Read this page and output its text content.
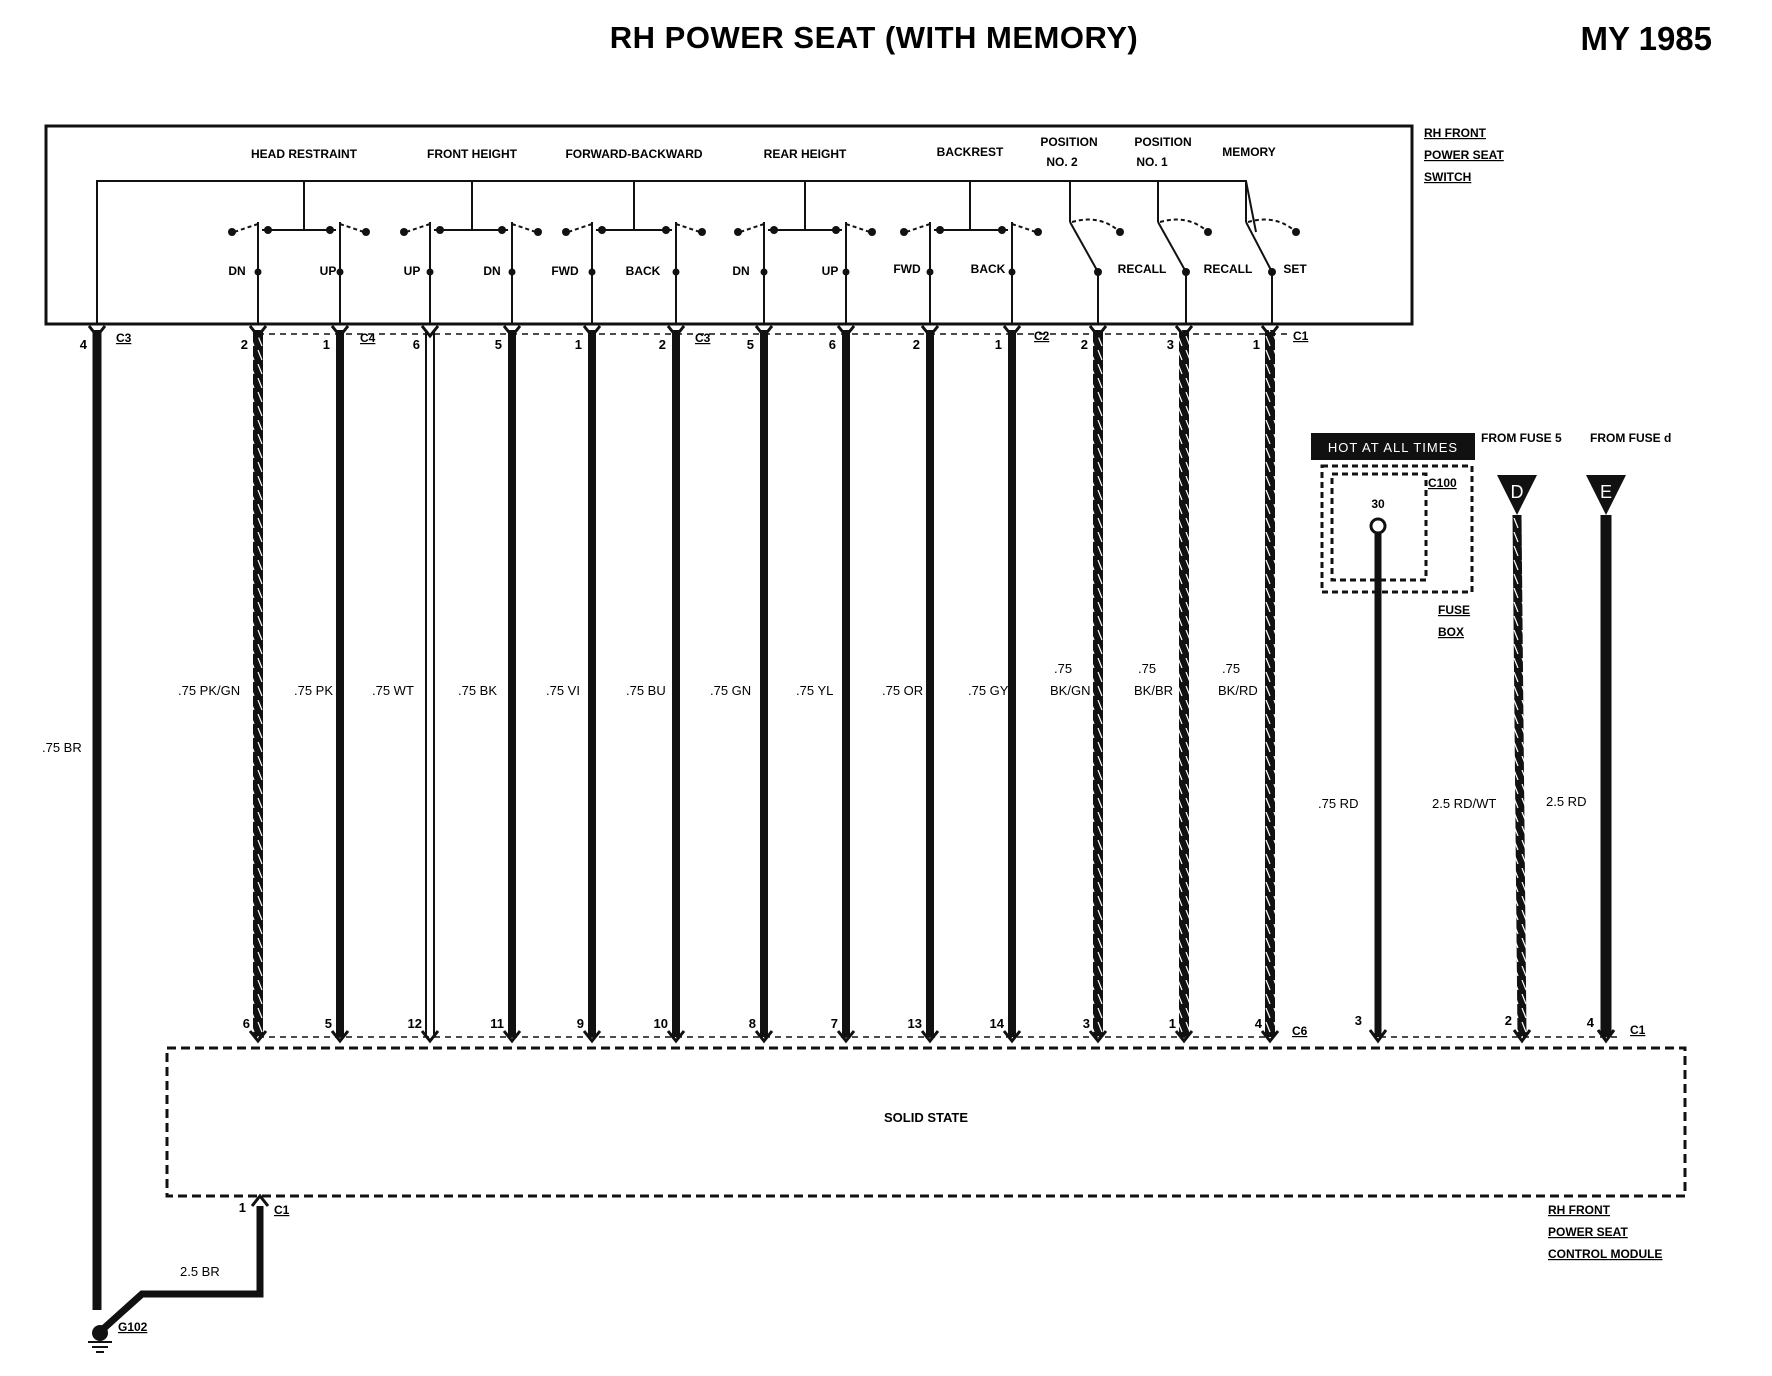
RH POWER SEAT (WITH MEMORY)	MY 1985
RH FRONT
POWER SEAT
SWITCH
HEAD RESTRAINT	FRONT HEIGHT	FORWARD-BACKWARD	REAR HEIGHT	BACKREST
POSITION
NO. 2
POSITION
NO. 1
MEMORY
DN	UP	UP	DN	FWD	BACK	DN	UP	FWD	BACK	RECALL	RECALL	SET
4	2
6
.75 PK/GN
1
5
.75 PK
6
12
.75 WT
5
11
.75 BK
1
9
.75 VI
2
10
.75 BU
5
8
.75 GN
6
7
.75 YL
2
13
.75 OR
1
14
.75 GY
2
3
.75
BK/GN
3
1
.75
BK/BR
1
4
.75
BK/RD
C3	C4	C3	C2	C1
C6	C1
.75 BR
HOT AT ALL TIMES
C100
30
FUSE
BOX
FROM FUSE 5 FROM FUSE d
D	E
.75 RD	2.5 RD/WT	2.5 RD
3	2	4
SOLID STATE
RH FRONT
POWER SEAT
CONTROL MODULE
1 C1
2.5 BR
G102
